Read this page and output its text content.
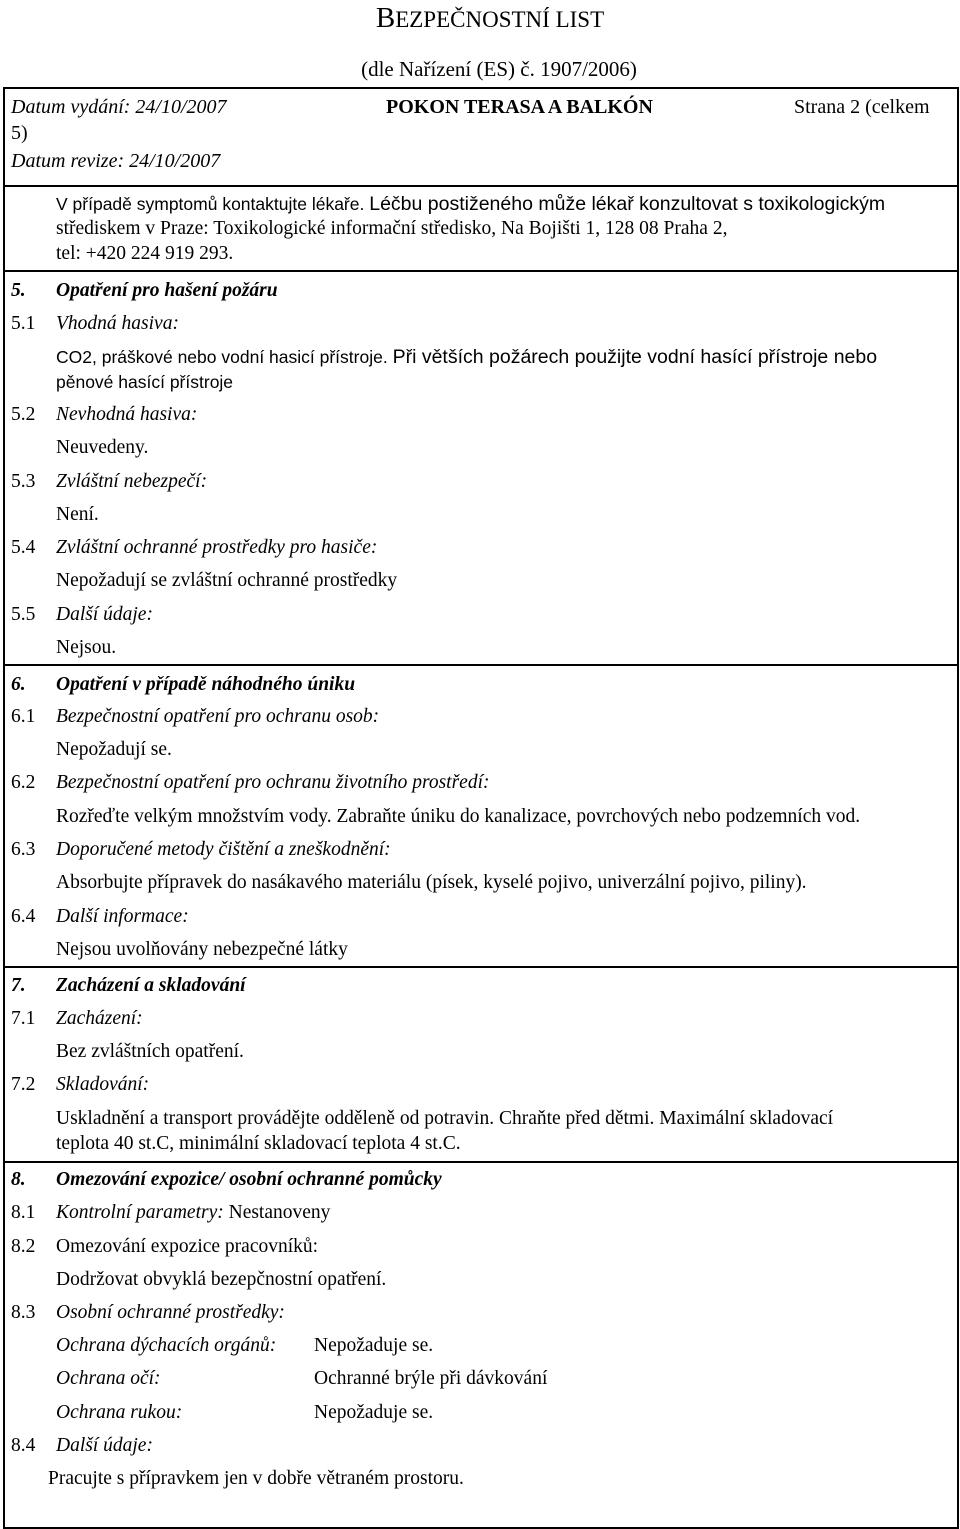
BEZPEČNOSTNÍ LIST
(dle Nařízení (ES) č. 1907/2006)
Datum vydání: 24/10/2007	POKON TERASA A BALKÓN	Strana 2 (celkem
5)
Datum revize: 24/10/2007
V případě symptomů kontaktujte lékaře. Léčbu postiženého může lékař konzultovat s toxikologickým
střediskem v Praze: Toxikologické informační středisko, Na Bojišti 1, 128 08 Praha 2,
tel: +420 224 919 293.
5. Opatření pro hašení požáru
5.1 Vhodná hasiva:
CO2, práškové nebo vodní hasicí přístroje. Při větších požárech použijte vodní hasící přístroje nebo
pěnové hasící přístroje
5.2 Nevhodná hasiva:
Neuvedeny.
5.3 Zvláštní nebezpečí:
Není.
5.4 Zvláštní ochranné prostředky pro hasiče:
Nepožadují se zvláštní ochranné prostředky
5.5 Další údaje:
Nejsou.
6. Opatření v případě náhodného úniku
6.1 Bezpečnostní opatření pro ochranu osob:
Nepožadují se.
6.2 Bezpečnostní opatření pro ochranu životního prostředí:
Rozřeďte velkým množstvím vody. Zabraňte úniku do kanalizace, povrchových nebo podzemních vod.
6.3 Doporučené metody čištění a zneškodnění:
Absorbujte přípravek do nasákavého materiálu (písek, kyselé pojivo, univerzální pojivo, piliny).
6.4 Další informace:
Nejsou uvolňovány nebezpečné látky
7. Zacházení a skladování
7.1 Zacházení:
Bez zvláštních opatření.
7.2 Skladování:
Uskladnění a transport provádějte odděleně od potravin. Chraňte před dětmi. Maximální skladovací
teplota 40 st.C, minimální skladovací teplota 4 st.C.
8. Omezování expozice/ osobní ochranné pomůcky
8.1 Kontrolní parametry: Nestanoveny
8.2 Omezování expozice pracovníků:
Dodržovat obvyklá bezepčnostní opatření.
8.3 Osobní ochranné prostředky:
Ochrana dýchacích orgánů: Nepožaduje se.
Ochrana očí:	Ochranné brýle při dávkování
Ochrana rukou:	Nepožaduje se.
8.4 Další údaje:
Pracujte s přípravkem jen v dobře větraném prostoru.
